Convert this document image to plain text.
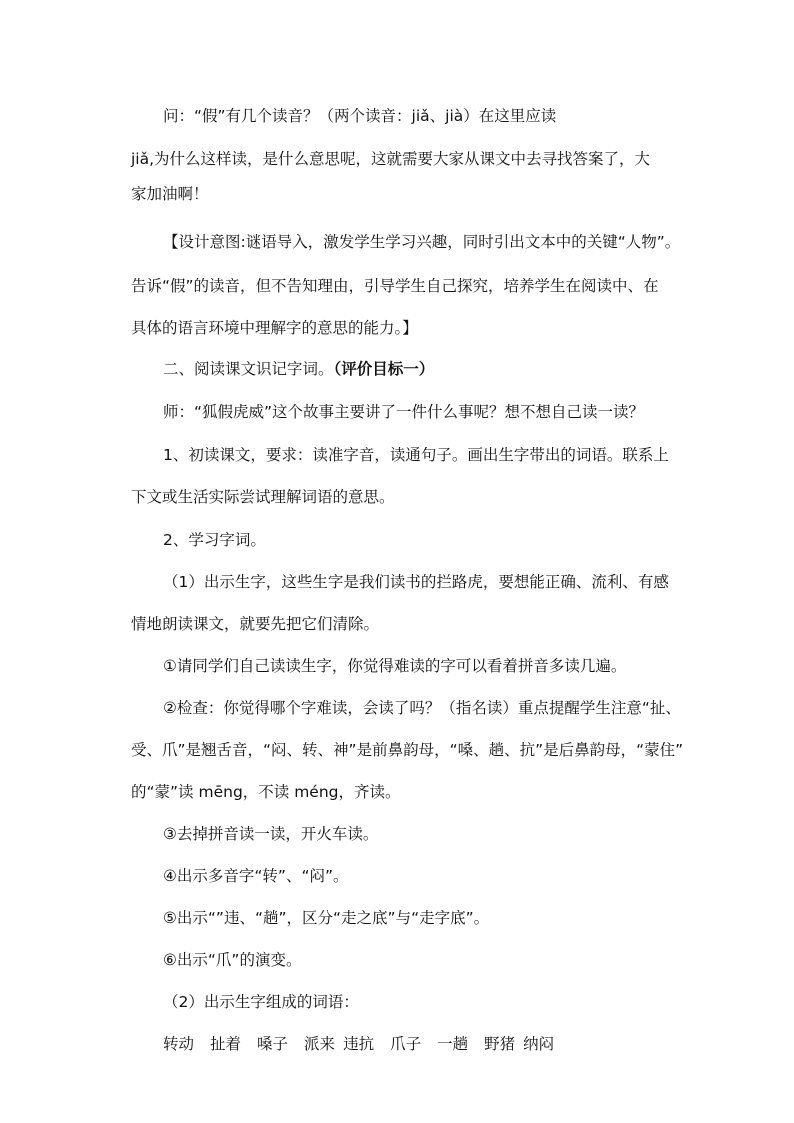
问：“假”有几个读音？（两个读音：jiǎ、jià）在这里应读
jiǎ,为什么这样读，是什么意思呢，这就需要大家从课文中去寻找答案了，大
家加油啊！
【设计意图:谜语导入，激发学生学习兴趣，同时引出文本中的关键“人物”。
告诉“假”的读音，但不告知理由，引导学生自己探究，培养学生在阅读中、在
具体的语言环境中理解字的意思的能力。】
二、阅读课文识记字词。（评价目标一）
师：“狐假虎威”这个故事主要讲了一件什么事呢？想不想自己读一读？
1、初读课文，要求：读准字音，读通句子。画出生字带出的词语。联系上
下文或生活实际尝试理解词语的意思。
2、学习字词。
（1）出示生字，这些生字是我们读书的拦路虎，要想能正确、流利、有感
情地朗读课文，就要先把它们清除。
①请同学们自己读读生字，你觉得难读的字可以看着拼音多读几遍。
②检查：你觉得哪个字难读，会读了吗？（指名读）重点提醒学生注意“扯、
受、爪”是翘舌音，“闷、转、神”是前鼻韵母，“嗓、趟、抗”是后鼻韵母，“蒙住”
的“蒙”读 mēng，不读 méng，齐读。
③去掉拼音读一读，开火车读。
④出示多音字“转”、“闷”。
⑤出示“”违、“趟”，区分“走之底”与“走字底”。
⑥出示“爪”的演变。
（2）出示生字组成的词语：
转动 扯着 嗓子 派来 违抗 爪子 一趟 野猪 纳闷
